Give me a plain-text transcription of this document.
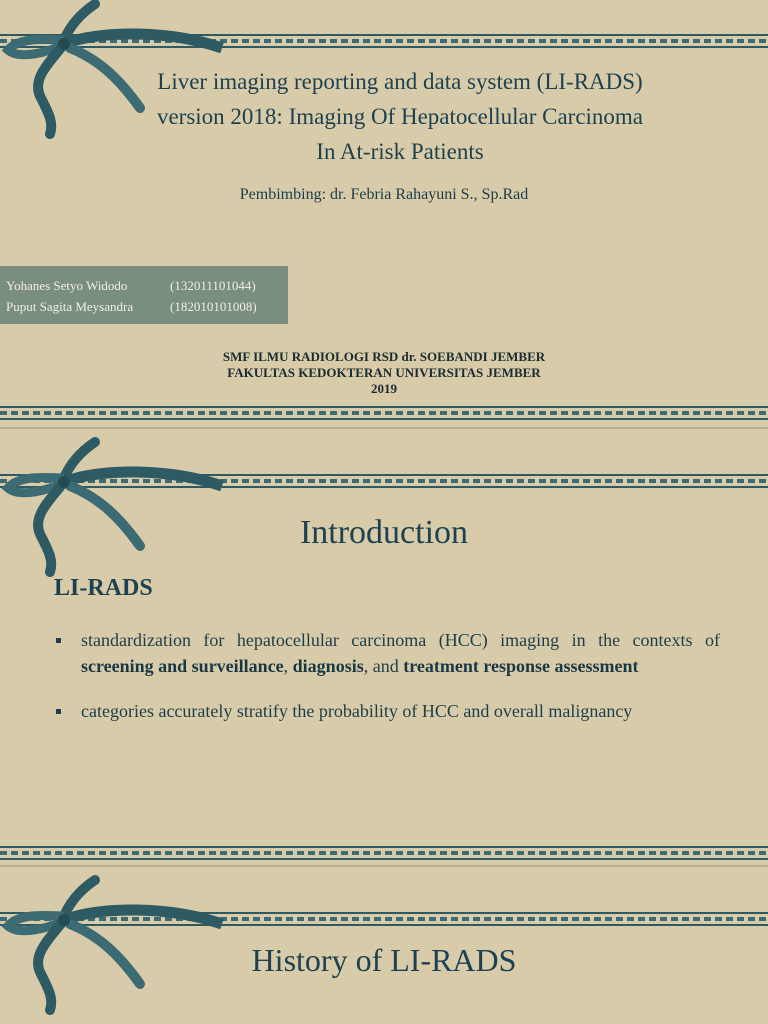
Liver imaging reporting and data system (LI-RADS)
version 2018: Imaging Of Hepatocellular Carcinoma
In At-risk Patients
Pembimbing: dr. Febria Rahayuni S., Sp.Rad
Yohanes Setyo Widodo	(132011101044)
Puput Sagita Meysandra	(182010101008)
SMF ILMU RADIOLOGI RSD dr. SOEBANDI JEMBER
FAKULTAS KEDOKTERAN UNIVERSITAS JEMBER
2019
Introduction
LI-RADS
standardization for hepatocellular carcinoma (HCC) imaging in the contexts of screening and surveillance, diagnosis, and treatment response assessment
categories accurately stratify the probability of HCC and overall malignancy
History of LI-RADS
